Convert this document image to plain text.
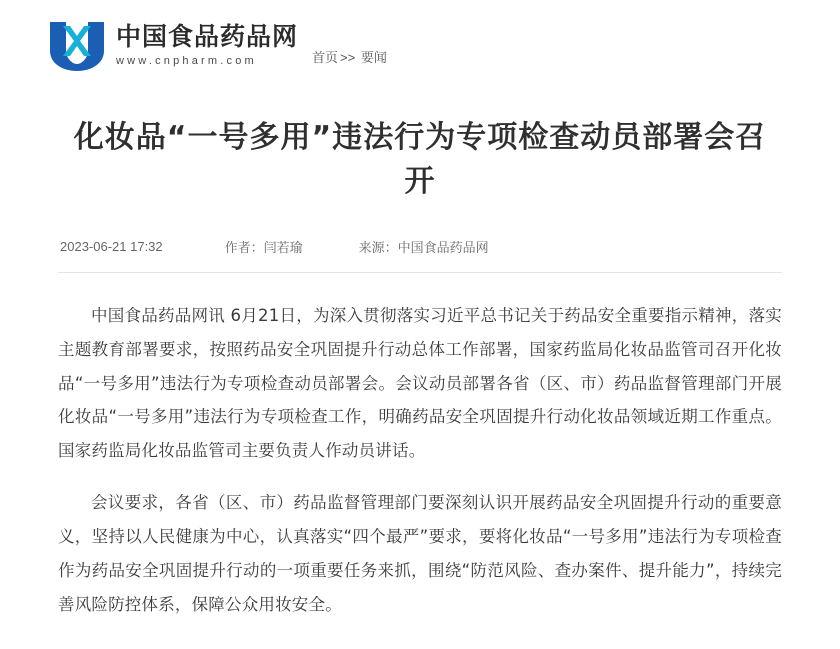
中国食品药品网
www.cnpharm.com	首页 >> 要闻
化妆品“一号多用”违法行为专项检查动员部署会召开
2023-06-21 17:32	作者：闫若瑜	来源：中国食品药品网

中国食品药品网讯 6月21日，为深入贯彻落实习近平总书记关于药品安全重要指示精神，落实主题教育部署要求，按照药品安全巩固提升行动总体工作部署，国家药监局化妆品监管司召开化妆品“一号多用”违法行为专项检查动员部署会。会议动员部署各省（区、市）药品监督管理部门开展化妆品“一号多用”违法行为专项检查工作，明确药品安全巩固提升行动化妆品领域近期工作重点。国家药监局化妆品监管司主要负责人作动员讲话。

会议要求，各省（区、市）药品监督管理部门要深刻认识开展药品安全巩固提升行动的重要意义，坚持以人民健康为中心，认真落实“四个最严”要求，要将化妆品“一号多用”违法行为专项检查作为药品安全巩固提升行动的一项重要任务来抓，围绕“防范风险、查办案件、提升能力”，持续完善风险防控体系，保障公众用妆安全。
